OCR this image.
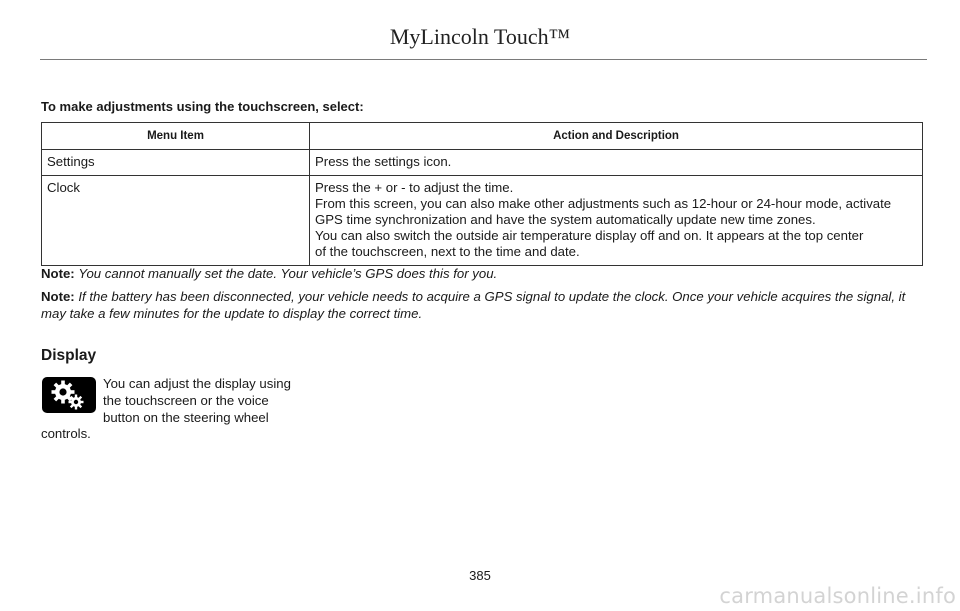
MyLincoln Touch™
To make adjustments using the touchscreen, select:
Menu Item	Action and Description
Settings	Press the settings icon.

Clock	Press the + or - to adjust the time.
From this screen, you can also make other adjustments such as 12-hour or 24-hour mode, activate
GPS time synchronization and have the system automatically update new time zones.
You can also switch the outside air temperature display off and on. It appears at the top center
of the touchscreen, next to the time and date.
Note: You cannot manually set the date. Your vehicle’s GPS does this for you.
Note: If the battery has been disconnected, your vehicle needs to acquire a GPS signal to update the clock. Once your vehicle acquires the signal, it may take a few minutes for the update to display the correct time.
Display
You can adjust the display using
the touchscreen or the voice
button on the steering wheel
controls.
385
carmanualsonline.info
